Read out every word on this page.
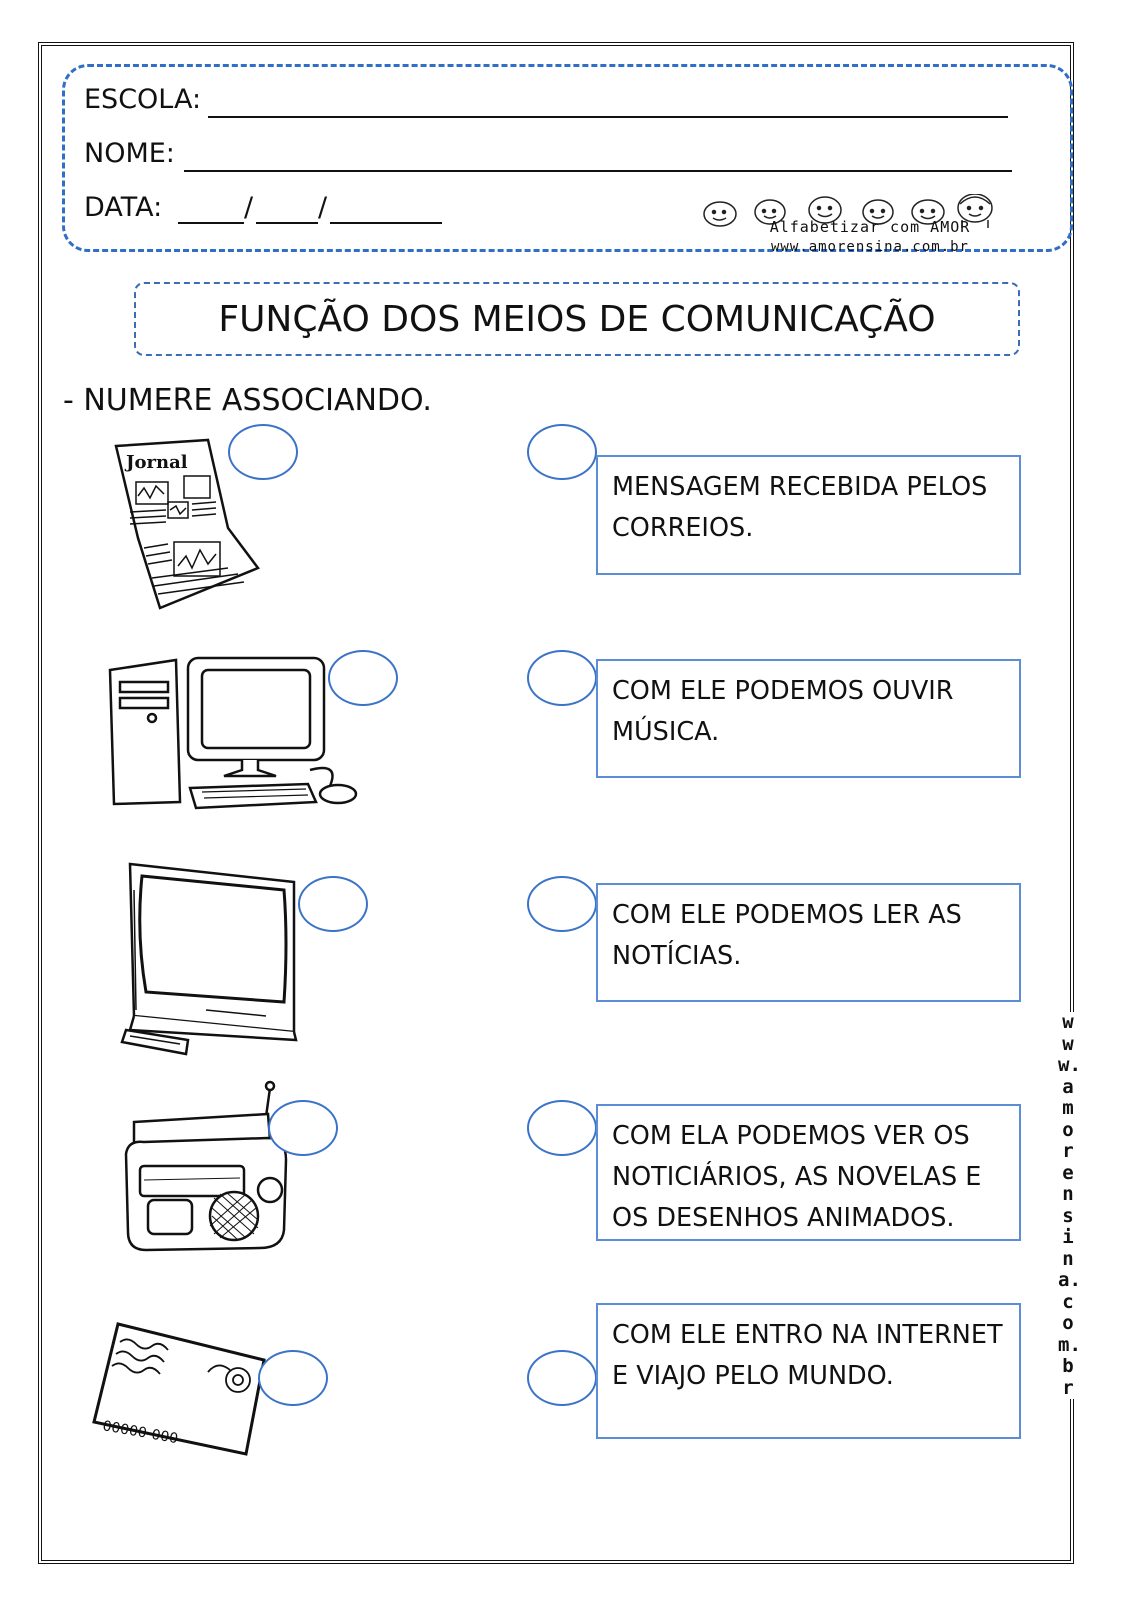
ESCOLA:
NOME:
DATA:	/ /
Alfabetizar com AMOR
www.amorensina.com.br
FUNÇÃO DOS MEIOS DE COMUNICAÇÃO
- NUMERE ASSOCIANDO.
Jornal
00000-000
MENSAGEM RECEBIDA PELOS CORREIOS.
COM ELE PODEMOS OUVIR MÚSICA.
COM ELE PODEMOS LER AS NOTÍCIAS.
COM ELA PODEMOS VER OS NOTICIÁRIOS, AS NOVELAS E OS DESENHOS ANIMADOS.
COM ELE ENTRO NA INTERNET E VIAJO PELO MUNDO.
www.amorensina.com.br
